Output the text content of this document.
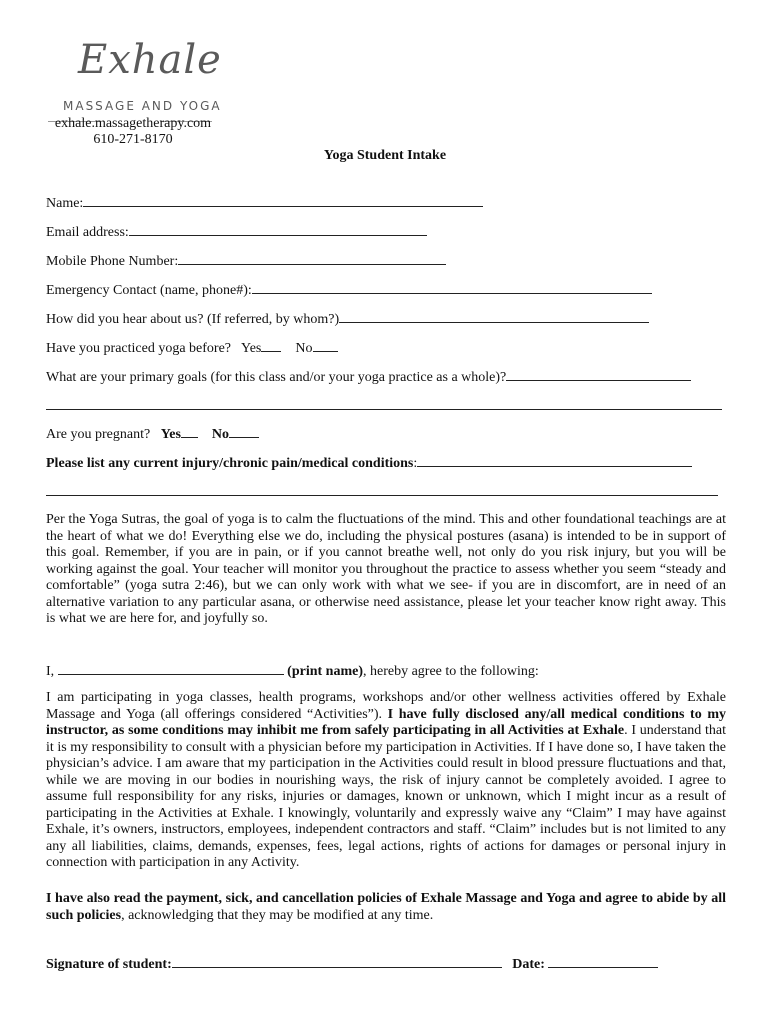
Exhale
MASSAGE AND YOGA
exhale.massagetherapy.com
610-271-8170
Yoga Student Intake
Name:
Email address:
Mobile Phone Number:
Emergency Contact (name, phone#):
How did you hear about us? (If referred, by whom?)
Have you practiced yoga before? Yes No
What are your primary goals (for this class and/or your yoga practice as a whole)?
Are you pregnant? Yes No
Please list any current injury/chronic pain/medical conditions:
Per the Yoga Sutras, the goal of yoga is to calm the fluctuations of the mind. This and other foundational teachings are at the heart of what we do! Everything else we do, including the physical postures (asana) is intended to be in support of this goal. Remember, if you are in pain, or if you cannot breathe well, not only do you risk injury, but you will be working against the goal. Your teacher will monitor you throughout the practice to assess whether you seem “steady and comfortable” (yoga sutra 2:46), but we can only work with what we see- if you are in discomfort, are in need of an alternative variation to any particular asana, or otherwise need assistance, please let your teacher know right away. This is what we are here for, and joyfully so.
I,	(print name), hereby agree to the following:
I am participating in yoga classes, health programs, workshops and/or other wellness activities offered by Exhale Massage and Yoga (all offerings considered “Activities”). I have fully disclosed any/all medical conditions to my instructor, as some conditions may inhibit me from safely participating in all Activities at Exhale. I understand that it is my responsibility to consult with a physician before my participation in Activities. If I have done so, I have taken the physician’s advice. I am aware that my participation in the Activities could result in blood pressure fluctuations and that, while we are moving in our bodies in nourishing ways, the risk of injury cannot be completely avoided. I agree to assume full responsibility for any risks, injuries or damages, known or unknown, which I might incur as a result of participating in the Activities at Exhale. I knowingly, voluntarily and expressly waive any “Claim” I may have against Exhale, it’s owners, instructors, employees, independent contractors and staff. “Claim” includes but is not limited to any any all liabilities, claims, demands, expenses, fees, legal actions, rights of actions for damages or personal injury in connection with participation in any Activity.
I have also read the payment, sick, and cancellation policies of Exhale Massage and Yoga and agree to abide by all such policies, acknowledging that they may be modified at any time.
Signature of student:	Date:
